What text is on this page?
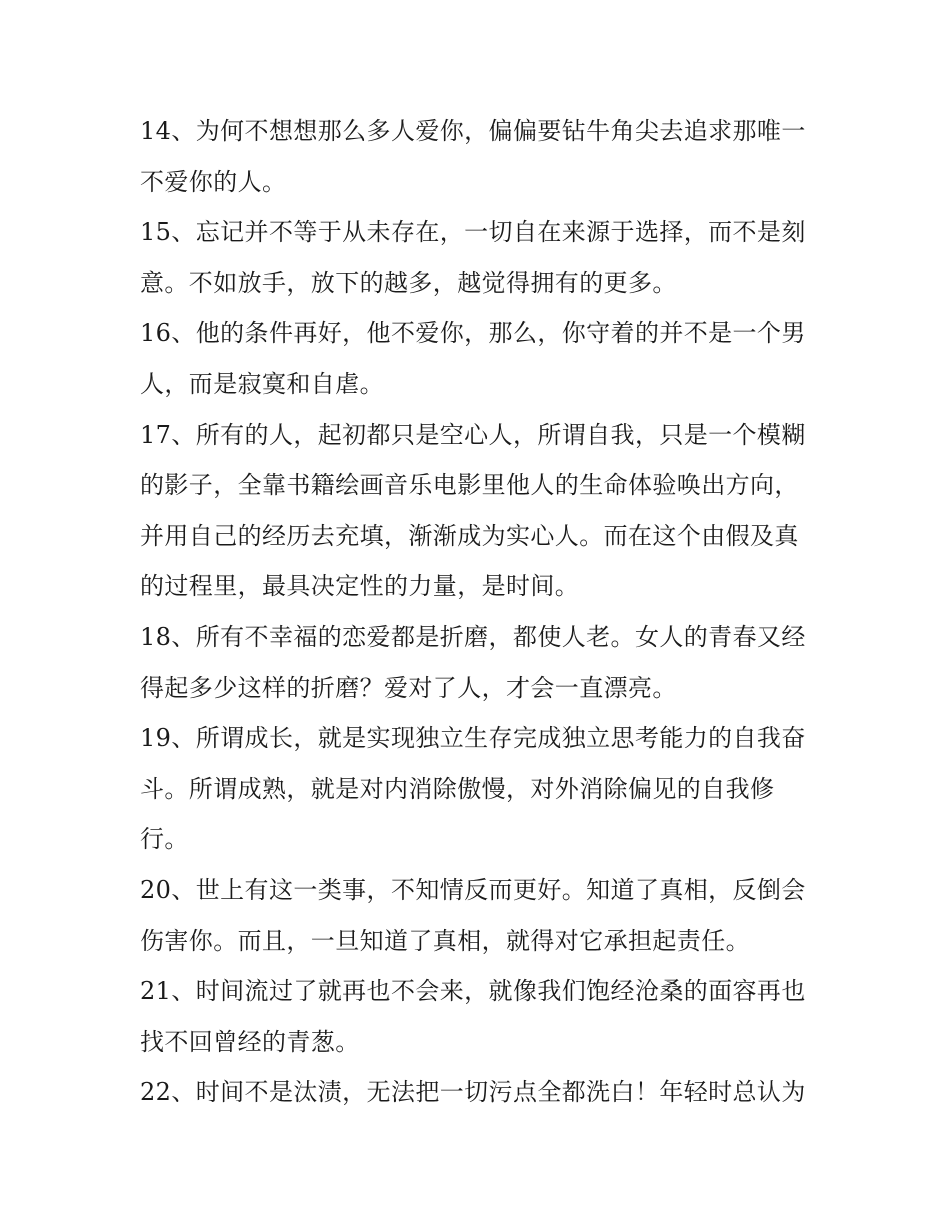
14、为何不想想那么多人爱你，偏偏要钻牛角尖去追求那唯一
不爱你的人。

15、忘记并不等于从未存在，一切自在来源于选择，而不是刻
意。不如放手，放下的越多，越觉得拥有的更多。

16、他的条件再好，他不爱你，那么，你守着的并不是一个男
人，而是寂寞和自虐。

17、所有的人，起初都只是空心人，所谓自我，只是一个模糊
的影子，全靠书籍绘画音乐电影里他人的生命体验唤出方向，
并用自己的经历去充填，渐渐成为实心人。而在这个由假及真
的过程里，最具决定性的力量，是时间。

18、所有不幸福的恋爱都是折磨，都使人老。女人的青春又经
得起多少这样的折磨？爱对了人，才会一直漂亮。

19、所谓成长，就是实现独立生存完成独立思考能力的自我奋
斗。所谓成熟，就是对内消除傲慢，对外消除偏见的自我修
行。

20、世上有这一类事，不知情反而更好。知道了真相，反倒会
伤害你。而且，一旦知道了真相，就得对它承担起责任。

21、时间流过了就再也不会来，就像我们饱经沧桑的面容再也
找不回曾经的青葱。

22、时间不是汰渍，无法把一切污点全都洗白！年轻时总认为
